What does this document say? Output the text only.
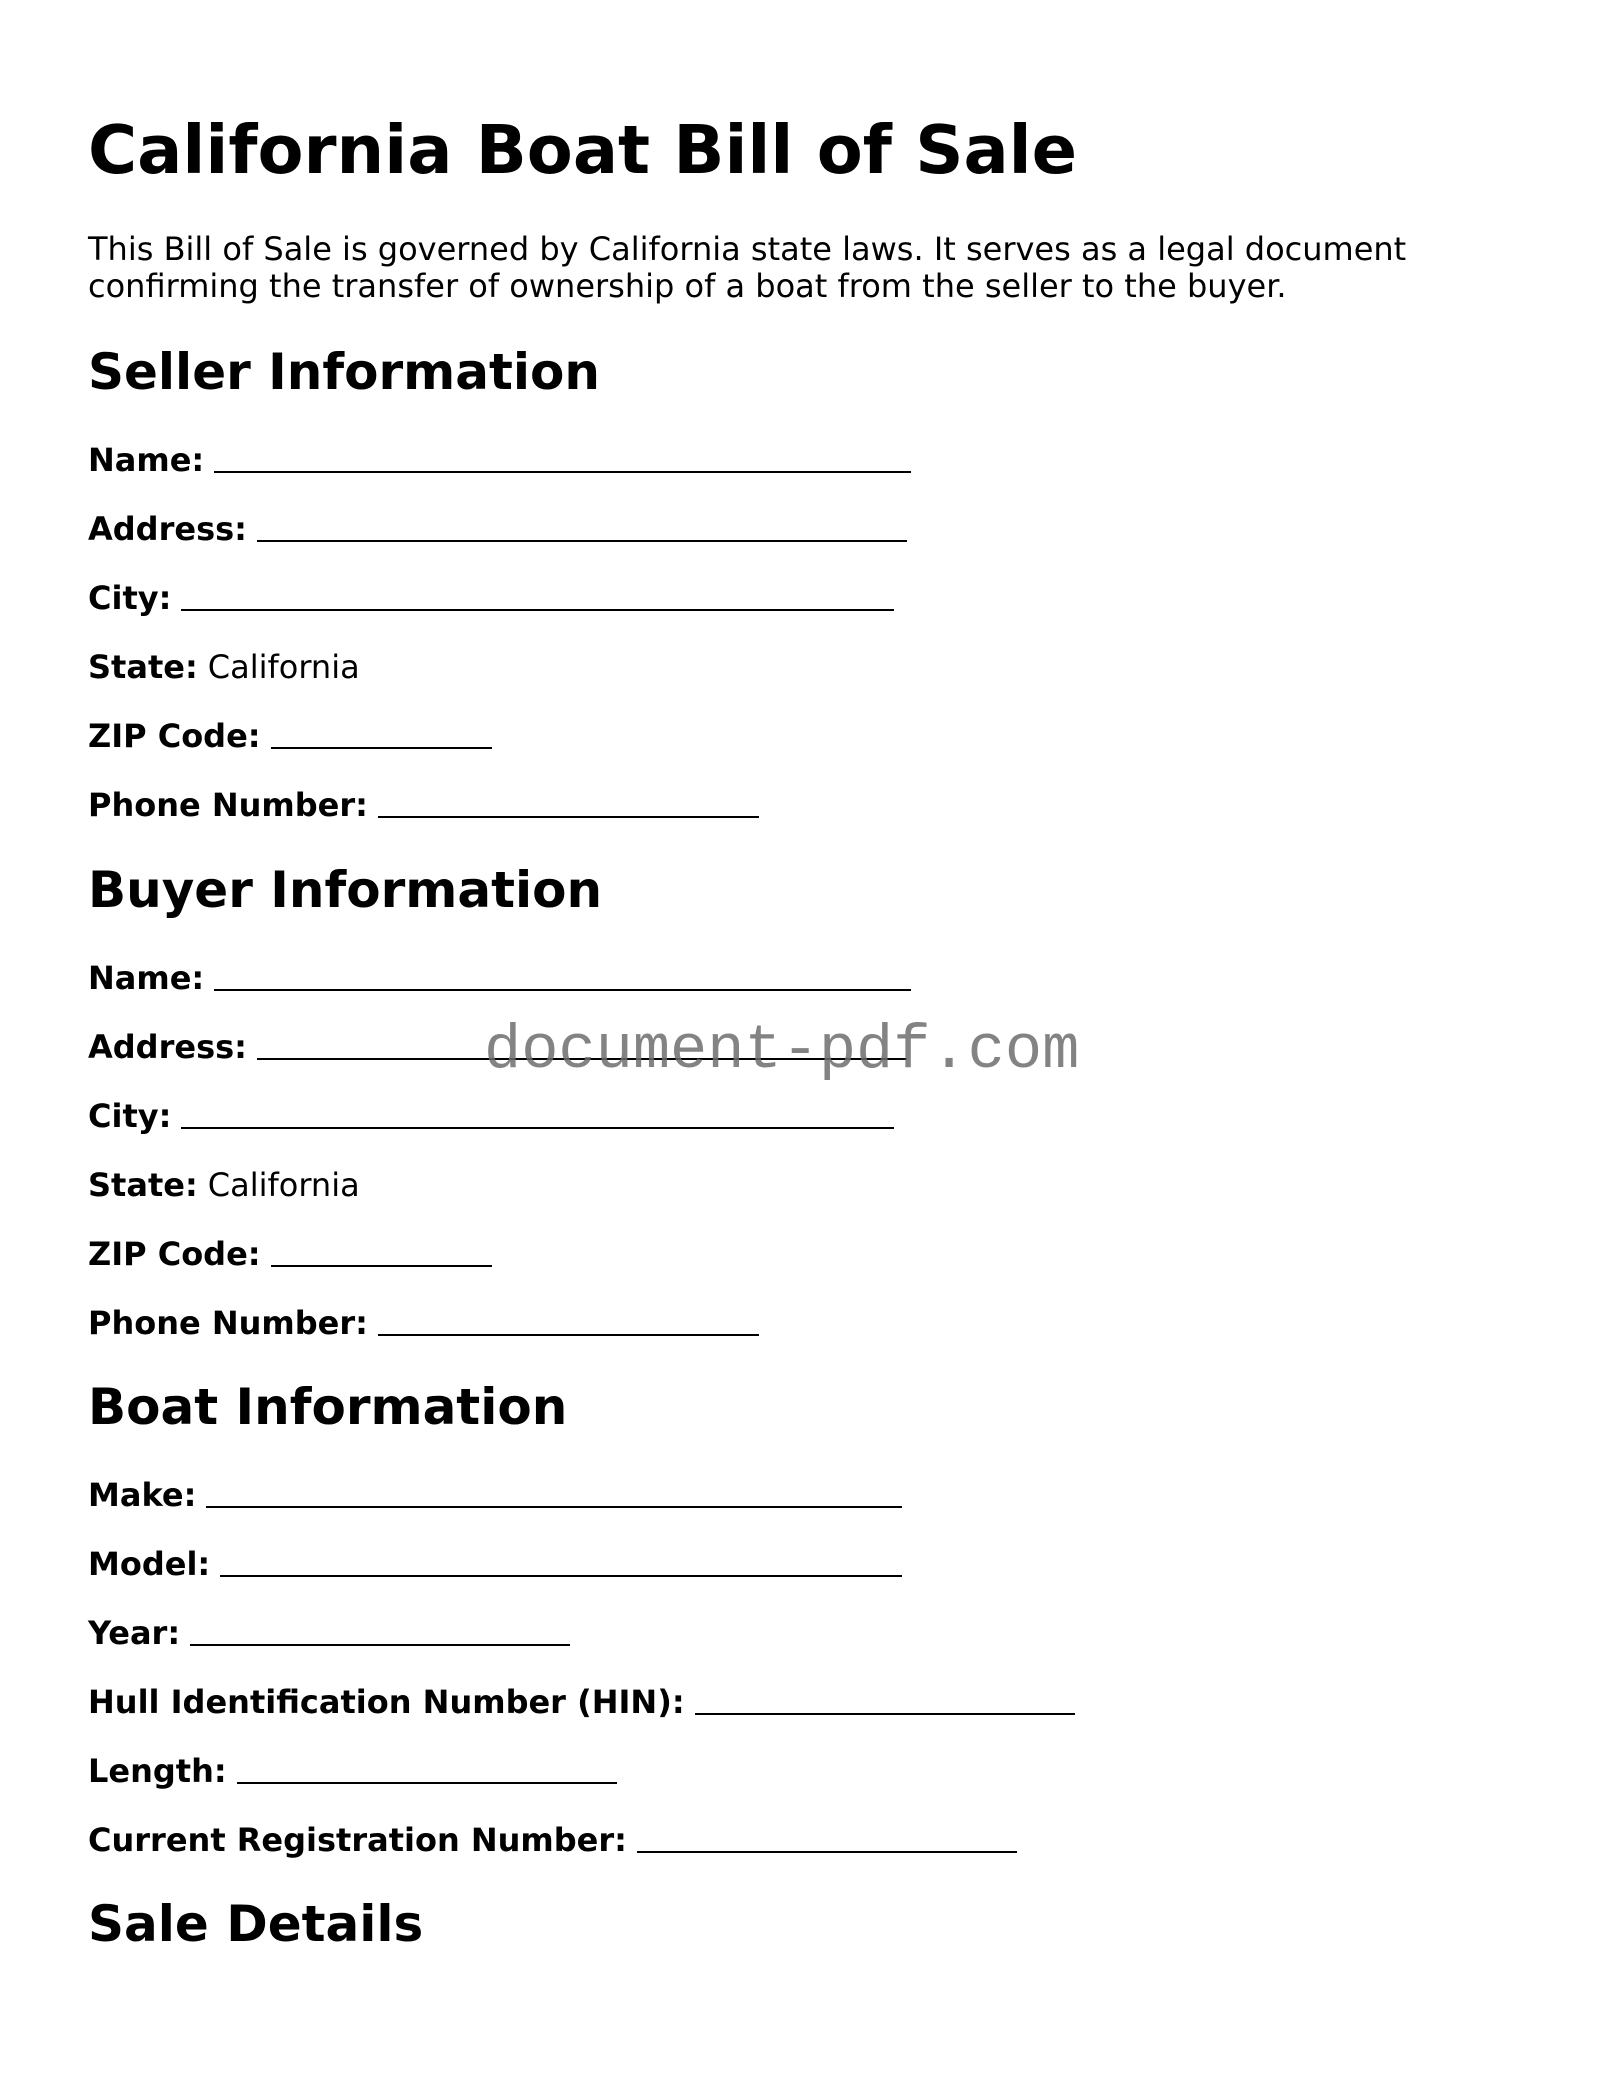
California Boat Bill of Sale

This Bill of Sale is governed by California state laws. It serves as a legal document confirming the transfer of ownership of a boat from the seller to the buyer.

Seller Information
Name:
Address:
City:
State: California
ZIP Code:
Phone Number:
Buyer Information
Name:
Address:
City:
State: California
ZIP Code:
Phone Number:
Boat Information
Make:
Model:
Year:
Hull Identification Number (HIN):
Length:
Current Registration Number:
Sale Details
document-pdf.com
